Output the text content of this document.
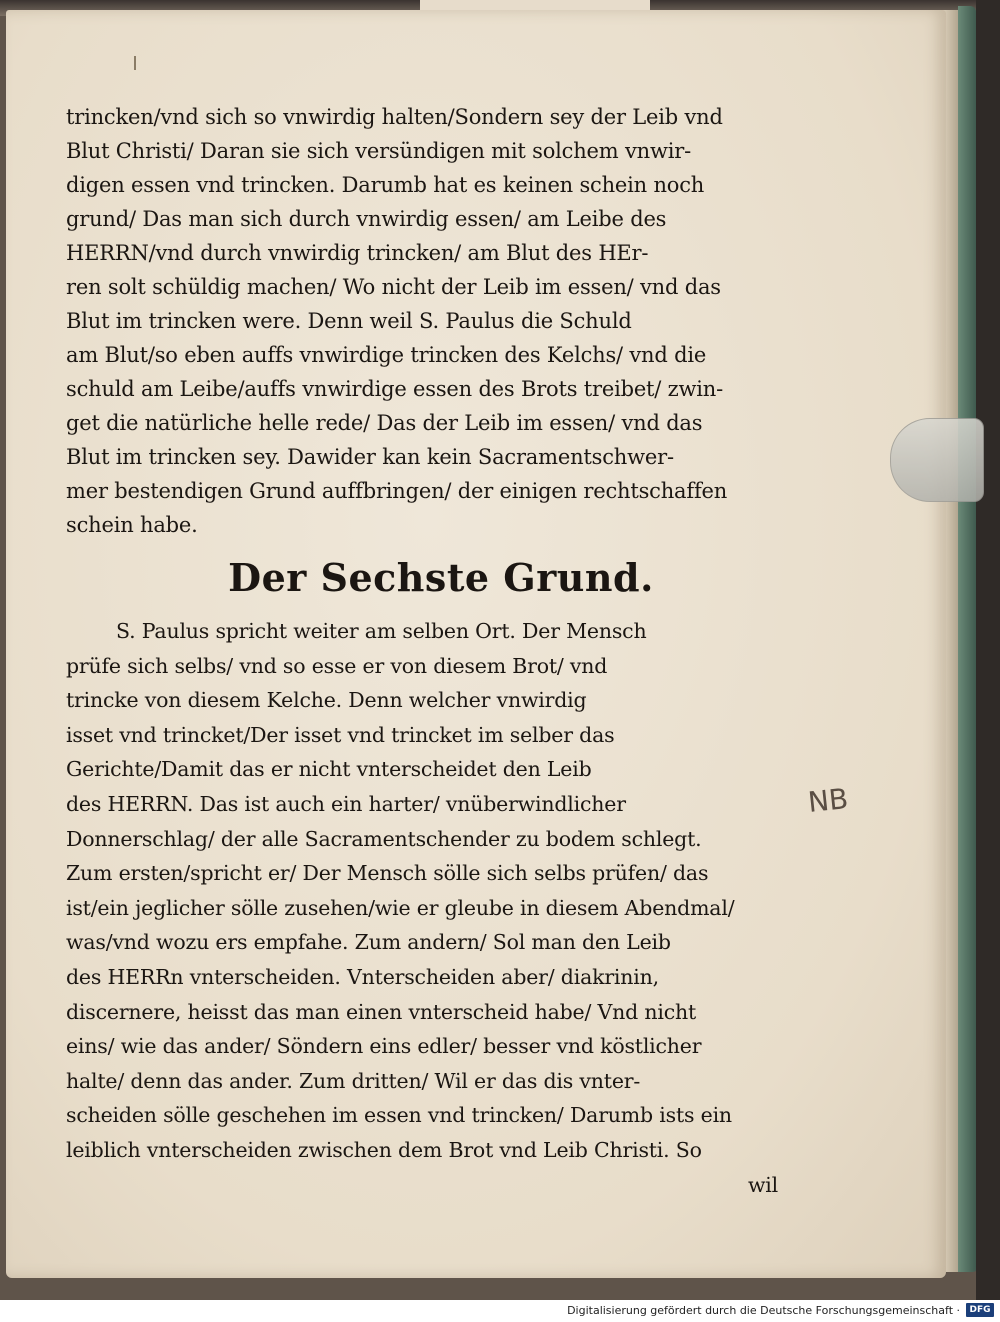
trincken/vnd sich so vnwirdig halten/Sondern sey der Leib vnd
Blut Christi/ Daran sie sich versündigen mit solchem vnwir-
digen essen vnd trincken. Darumb hat es keinen schein noch
grund/ Das man sich durch vnwirdig essen/ am Leibe des
HERRN/vnd durch vnwirdig trincken/ am Blut des HEr-
ren solt schüldig machen/ Wo nicht der Leib im essen/ vnd das
Blut im trincken were. Denn weil S. Paulus die Schuld
am Blut/so eben auffs vnwirdige trincken des Kelchs/ vnd die
schuld am Leibe/auffs vnwirdige essen des Brots treibet/ zwin-
get die natürliche helle rede/ Das der Leib im essen/ vnd das
Blut im trincken sey. Dawider kan kein Sacramentschwer-
mer bestendigen Grund auffbringen/ der einigen rechtschaffen
schein habe.
Der Sechste Grund.
S. Paulus spricht weiter am selben Ort. Der Mensch
prüfe sich selbs/ vnd so esse er von diesem Brot/ vnd
trincke von diesem Kelche. Denn welcher vnwirdig
isset vnd trincket/Der isset vnd trincket im selber das
Gerichte/Damit das er nicht vnterscheidet den Leib
des HERRN. Das ist auch ein harter/ vnüberwindlicher
Donnerschlag/ der alle Sacramentschender zu bodem schlegt.
Zum ersten/spricht er/ Der Mensch sölle sich selbs prüfen/ das
ist/ein jeglicher sölle zusehen/wie er gleube in diesem Abendmal/
was/vnd wozu ers empfahe. Zum andern/ Sol man den Leib
des HERRn vnterscheiden. Vnterscheiden aber/ diakrinin,
discernere, heisst das man einen vnterscheid habe/ Vnd nicht
eins/ wie das ander/ Söndern eins edler/ besser vnd köstlicher
halte/ denn das ander. Zum dritten/ Wil er das dis vnter-
scheiden sölle geschehen im essen vnd trincken/ Darumb ists ein
leiblich vnterscheiden zwischen dem Brot vnd Leib Christi. So
wil
NB
Digitalisierung gefördert durch die Deutsche Forschungsgemeinschaft ·	DFG
